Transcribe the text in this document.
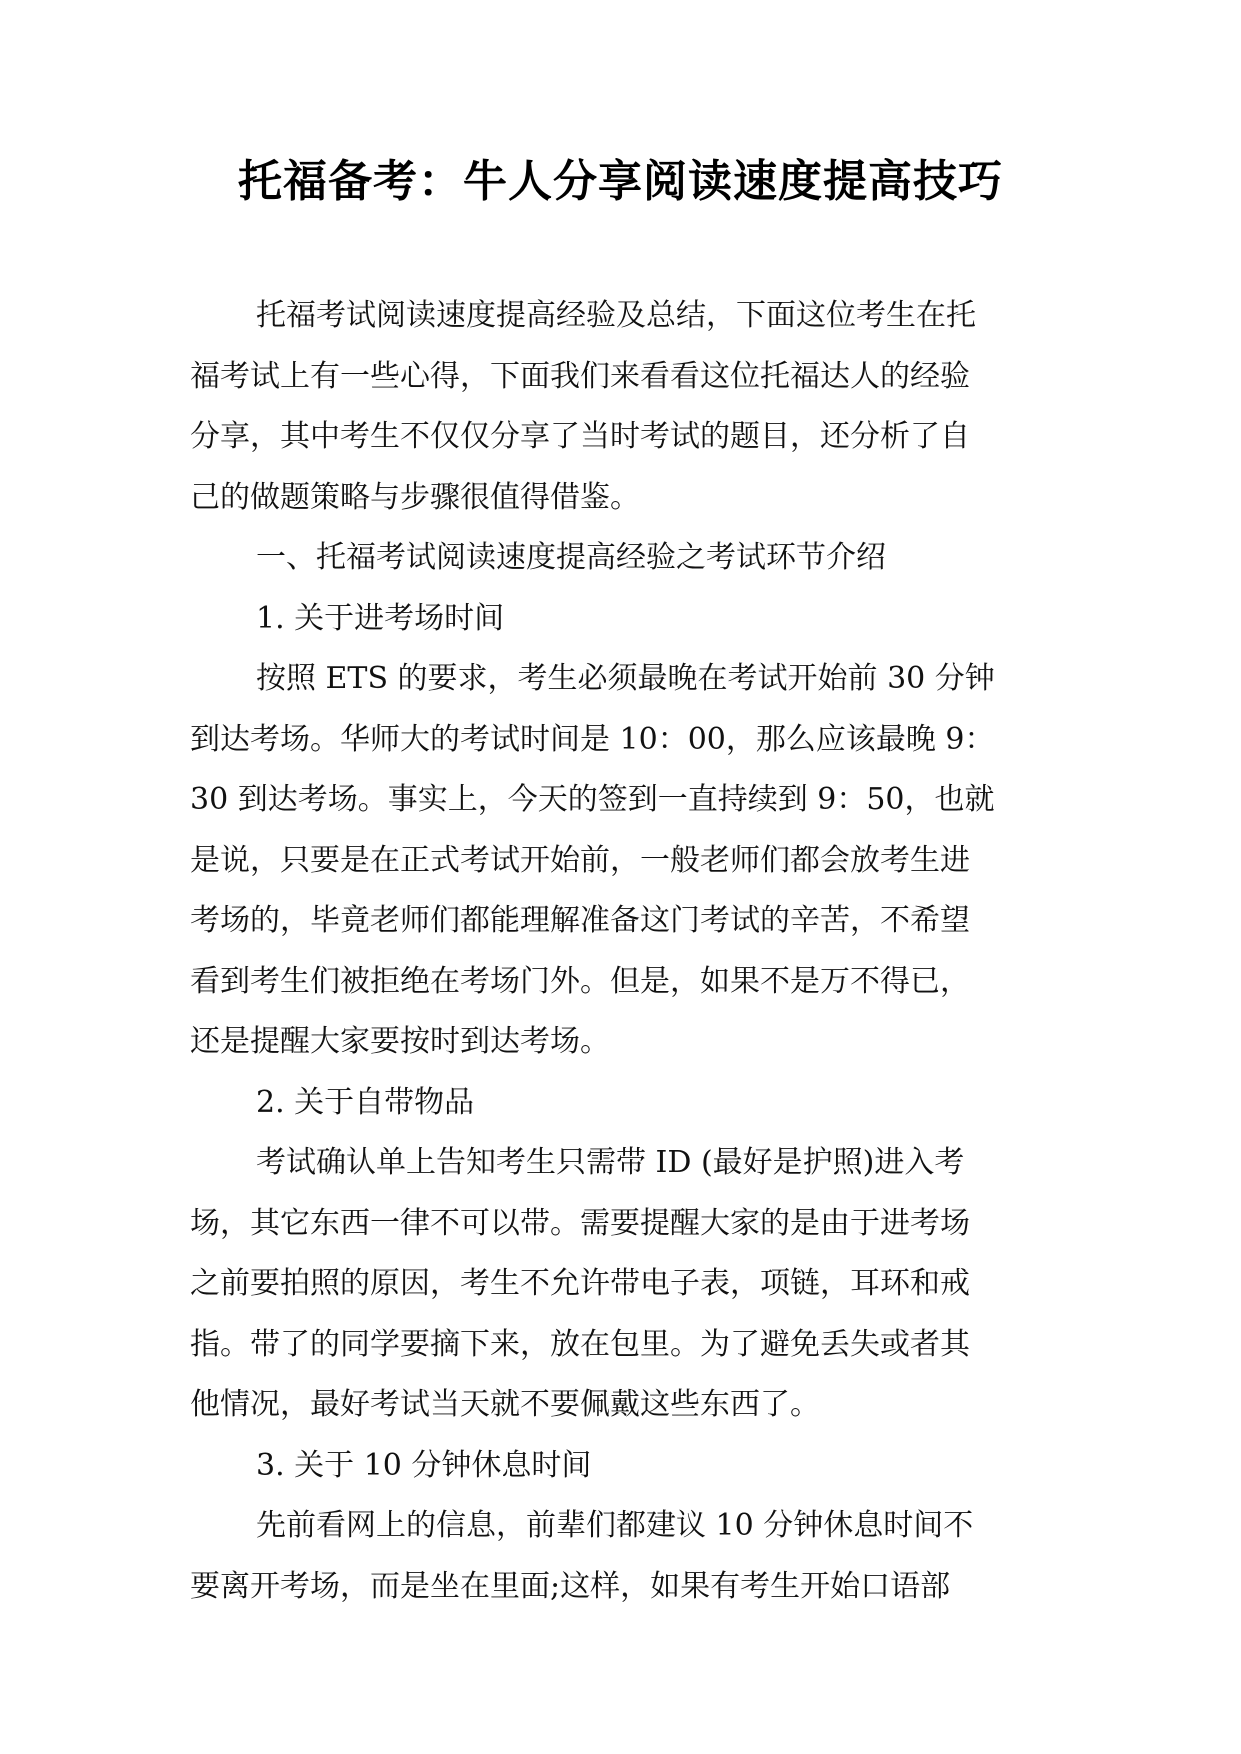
托福备考：牛人分享阅读速度提高技巧
托福考试阅读速度提高经验及总结，下面这位考生在托
福考试上有一些心得，下面我们来看看这位托福达人的经验
分享，其中考生不仅仅分享了当时考试的题目，还分析了自
己的做题策略与步骤很值得借鉴。
一、托福考试阅读速度提高经验之考试环节介绍
1. 关于进考场时间
按照 ETS 的要求，考生必须最晚在考试开始前 30 分钟
到达考场。华师大的考试时间是 10：00，那么应该最晚 9：
30 到达考场。事实上，今天的签到一直持续到 9：50，也就
是说，只要是在正式考试开始前，一般老师们都会放考生进
考场的，毕竟老师们都能理解准备这门考试的辛苦，不希望
看到考生们被拒绝在考场门外。但是，如果不是万不得已，
还是提醒大家要按时到达考场。
2. 关于自带物品
考试确认单上告知考生只需带 ID (最好是护照)进入考
场，其它东西一律不可以带。需要提醒大家的是由于进考场
之前要拍照的原因，考生不允许带电子表，项链，耳环和戒
指。带了的同学要摘下来，放在包里。为了避免丢失或者其
他情况，最好考试当天就不要佩戴这些东西了。
3. 关于 10 分钟休息时间
先前看网上的信息，前辈们都建议 10 分钟休息时间不
要离开考场，而是坐在里面;这样，如果有考生开始口语部
